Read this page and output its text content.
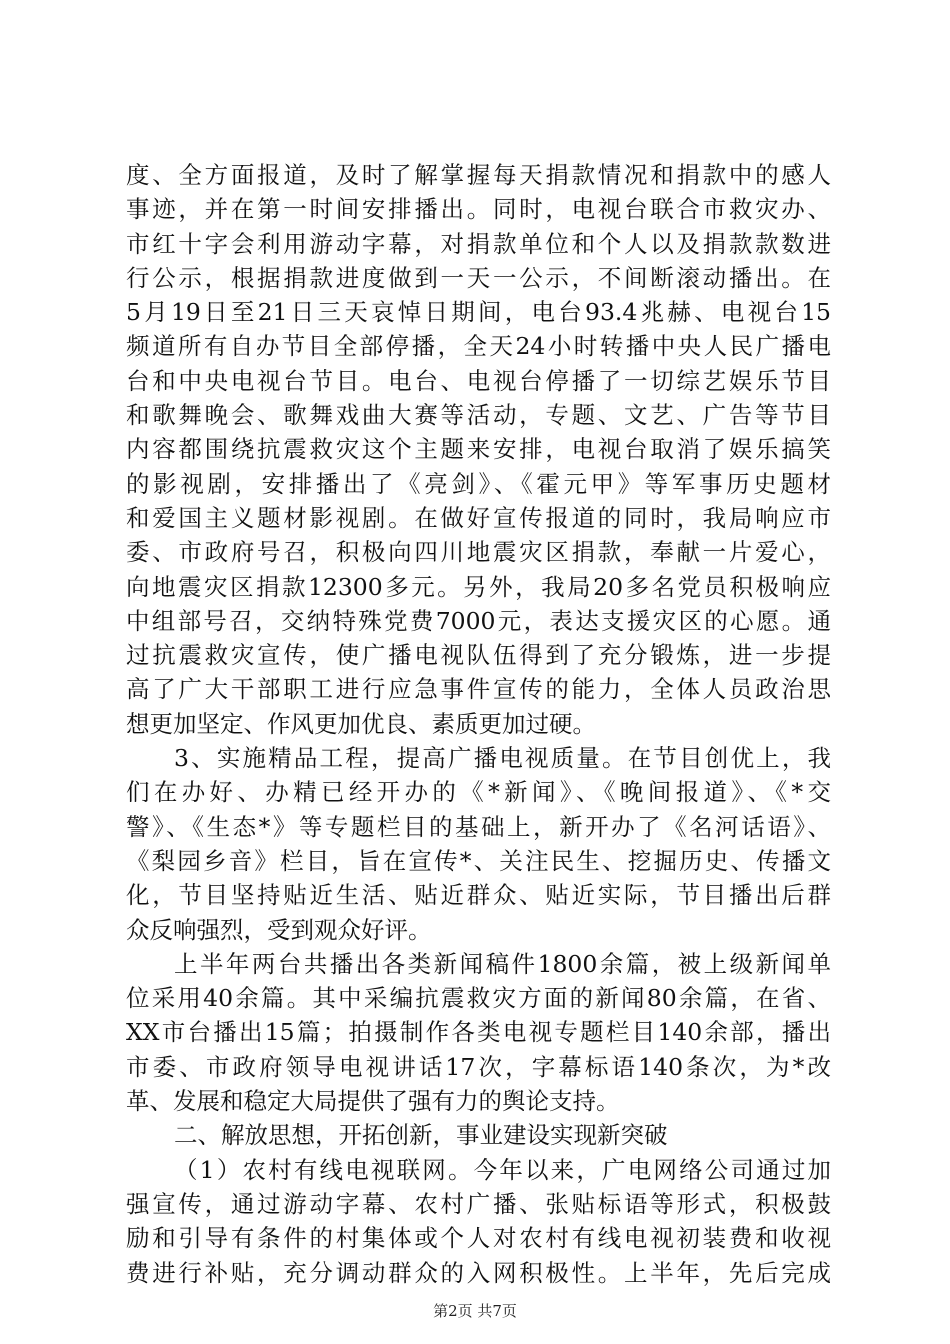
度、全方面报道，及时了解掌握每天捐款情况和捐款中的感人
事迹，并在第一时间安排播出。同时，电视台联合市救灾办、
市红十字会利用游动字幕，对捐款单位和个人以及捐款款数进
行公示，根据捐款进度做到一天一公示，不间断滚动播出。在
5月19日至21日三天哀悼日期间，电台93.4兆赫、电视台15
频道所有自办节目全部停播，全天24小时转播中央人民广播电
台和中央电视台节目。电台、电视台停播了一切综艺娱乐节目
和歌舞晚会、歌舞戏曲大赛等活动，专题、文艺、广告等节目
内容都围绕抗震救灾这个主题来安排，电视台取消了娱乐搞笑
的影视剧，安排播出了《亮剑》、《霍元甲》等军事历史题材
和爱国主义题材影视剧。在做好宣传报道的同时，我局响应市
委、市政府号召，积极向四川地震灾区捐款，奉献一片爱心，
向地震灾区捐款12300多元。另外，我局20多名党员积极响应
中组部号召，交纳特殊党费7000元，表达支援灾区的心愿。通
过抗震救灾宣传，使广播电视队伍得到了充分锻炼，进一步提
高了广大干部职工进行应急事件宣传的能力，全体人员政治思
想更加坚定、作风更加优良、素质更加过硬。
3、实施精品工程，提高广播电视质量。在节目创优上，我
们在办好、办精已经开办的《*新闻》、《晚间报道》、《*交
警》、《生态*》等专题栏目的基础上，新开办了《名河话语》、
《梨园乡音》栏目，旨在宣传*、关注民生、挖掘历史、传播文
化，节目坚持贴近生活、贴近群众、贴近实际，节目播出后群
众反响强烈，受到观众好评。
上半年两台共播出各类新闻稿件1800余篇，被上级新闻单
位采用40余篇。其中采编抗震救灾方面的新闻80余篇，在省、
XX市台播出15篇；拍摄制作各类电视专题栏目140余部，播出
市委、市政府领导电视讲话17次，字幕标语140条次，为*改
革、发展和稳定大局提供了强有力的舆论支持。
二、解放思想，开拓创新，事业建设实现新突破
（1）农村有线电视联网。今年以来，广电网络公司通过加
强宣传，通过游动字幕、农村广播、张贴标语等形式，积极鼓
励和引导有条件的村集体或个人对农村有线电视初装费和收视
费进行补贴，充分调动群众的入网积极性。上半年，先后完成
第2页 共7页
